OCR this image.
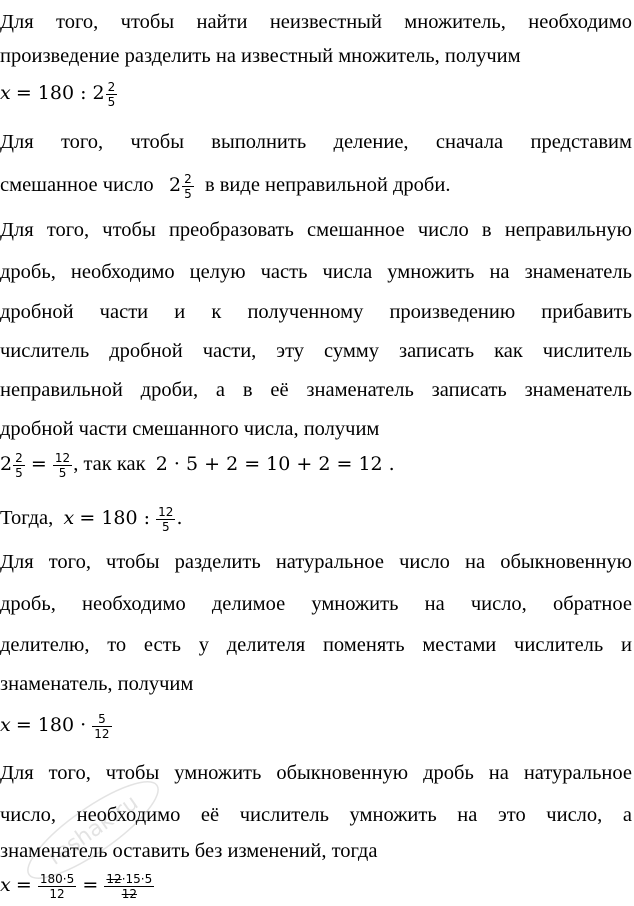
Для того, чтобы найти неизвестный множитель, необходимо
произведение разделить на известный множитель, получим
x = 180 : $2 \frac{2}{5}$
Для того, чтобы выполнить деление, сначала представим
смешанное число $2 \frac{2}{5}$ в виде неправильной дроби.
Для того, чтобы преобразовать смешанное число в неправильную
дробь, необходимо целую часть числа умножить на знаменатель
дробной части и к полученному произведению прибавить
числитель дробной части, эту сумму записать как числитель
неправильной дроби, а в её знаменатель записать знаменатель
дробной части смешанного числа, получим
$2 \frac{2}{5} = \frac{12}{5}$ , так как 2 · 5 + 2 = 10 + 2 = 12 .
Тогда, x = 180 : $\frac{12}{5}$ .
Для того, чтобы разделить натуральное число на обыкновенную
дробь, необходимо делимое умножить на число, обратное
делителю, то есть у делителя поменять местами числитель и
знаменатель, получим
$x = 180 \cdot \frac{5}{12}$
Для того, чтобы умножить обыкновенную дробь на натуральное
число, необходимо её числитель умножить на это число, а
знаменатель оставить без изменений, тогда
$x = \frac{180\cdot 5}{12} = \frac{12\cdot 15\cdot 5}{12}$
reshak.ru
